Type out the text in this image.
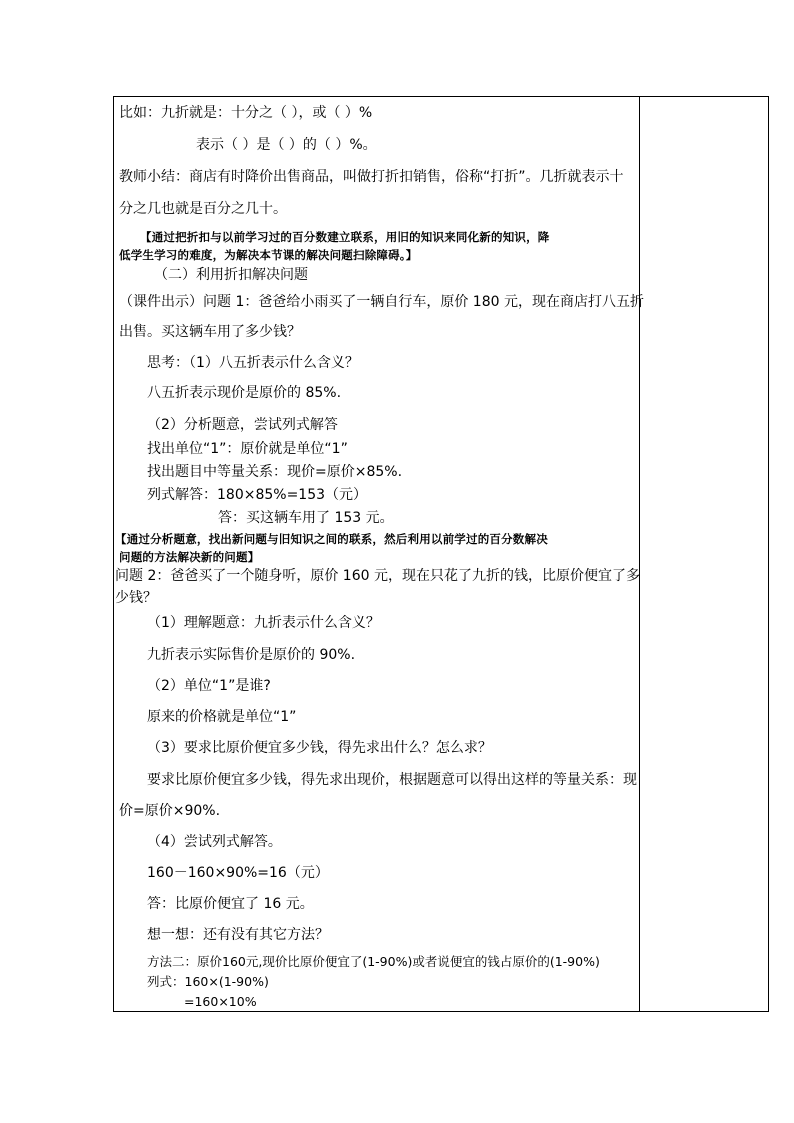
比如：九折就是：十分之（ ），或（ ）%
表示（ ）是（ ）的（ ）%。
教师小结：商店有时降价出售商品，叫做打折扣销售，俗称“打折”。几折就表示十
分之几也就是百分之几十。
【通过把折扣与以前学习过的百分数建立联系，用旧的知识来同化新的知识，降
低学生学习的难度，为解决本节课的解决问题扫除障碍。】
（二）利用折扣解决问题
（课件出示）问题 1：爸爸给小雨买了一辆自行车，原价 180 元，现在商店打八五折
出售。买这辆车用了多少钱？
思考：（1）八五折表示什么含义？
八五折表示现价是原价的 85%.
（2）分析题意，尝试列式解答
找出单位“1”：原价就是单位“1”
找出题目中等量关系：现价=原价×85%.
列式解答：180×85%=153（元）
答：买这辆车用了 153 元。
【通过分析题意，找出新问题与旧知识之间的联系，然后利用以前学过的百分数解决
问题的方法解决新的问题】
问题 2：爸爸买了一个随身听，原价 160 元，现在只花了九折的钱，比原价便宜了多
少钱？
（1）理解题意：九折表示什么含义？
九折表示实际售价是原价的 90%.
（2）单位“1”是谁?
原来的价格就是单位“1”
（3）要求比原价便宜多少钱，得先求出什么？怎么求？
要求比原价便宜多少钱，得先求出现价，根据题意可以得出这样的等量关系：现
价=原价×90%.
（4）尝试列式解答。
160－160×90%=16（元）
答：比原价便宜了 16 元。
想一想：还有没有其它方法？
方法二：原价160元,现价比原价便宜了(1-90%)或者说便宜的钱占原价的(1-90%)
列式：160×(1-90%)
=160×10%
